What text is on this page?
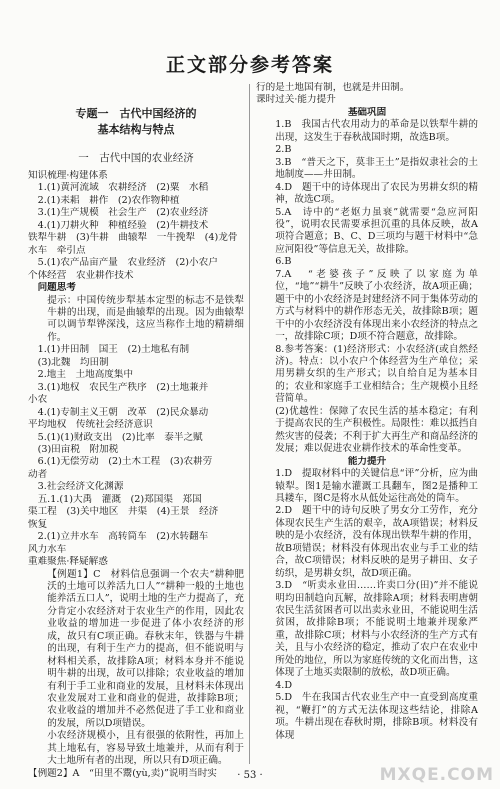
正文部分参考答案
专题一　古代中国经济的
基本结构与特点
一　古代中国的农业经济
知识梳理·构建体系
1.(1)黄河流域　农耕经济　(2)粟　水稻
2.(1)耒耜　耕作　(2)农作物种植
3.(1)生产规模　社会生产　(2)农业经济
4.(1)刀耕火种　种植经验　(2)牛耕技术
铁犁牛耕　(3)牛耕　曲辕犁　一牛挽犁　(4)龙骨
水车　牵引点
5.(1)农产品亩产量　农业经济　(2)小农户
个体经营　农业耕作技术
问题思考
提示：中国传统步犁基本定型的标志不是铁犁牛耕的出现，而是曲辕犁的出现。因为曲辕犁可以调节犁铧深浅，这应当称作土地的精耕细作。
1.(1)井田制　国王　(2)土地私有制
(3)北魏　均田制
2.地主　土地高度集中
3.(1)地权　农民生产秩序　(2)土地兼并
小农
4.(1)专制主义王朝　改革　(2)民众暴动
平均地权　传统社会经济意识
5.(1)(1)财政支出　(2)比率　泰半之赋
(3)田亩税　附加税
6.(1)无偿劳动　(2)土木工程　(3)农耕劳
动者
3.社会经济文化渊源
五.1.(1)大禹　灌溉　(2)郑国渠　郑国
渠工程　(3)关中地区　井渠　(4)王景　经济
恢复
2.(1)立井水车　高转筒车　(2)水转翻车
风力水车
重难聚焦·释疑解惑
【例题1】C　材料信息强调一个农夫“耕种肥沃的土地可以养活九口人”“耕种一般的土地也能养活五口人”，说明土地的生产力提高了，充分肯定小农经济对于农业生产的作用，因此农业收益的增加进一步促进了体小农经济的形成，故只有C项正确。春秋末年，铁器与牛耕的出现，有利于生产力的提高，但不能说明与材料相关系，故排除A项；材料本身并不能说明牛耕的出现，故可以排除；农业收益的增加有利于手工业和商业的发展，且材料未体现出农业发展对工业和商业的促进，故排除B项；农业收益的增加并不必然促进了手工业和商业的发展，所以D项错误。
小农经济规模小，且有很强的依附性，再加上其上地私有，容易导致土地兼并，从而有利于大土地所有者的出现，所以只有D项正确。
【例题2】A　“田里不鬻(yù,卖)”说明当时实
行的是土地国有制，也就是井田制。
课时过关·能力提升
基础巩固
1.B　我国古代农用动力的革命是以铁犁牛耕的出现，这发生于春秋战国时期，故选B项。
2.B
3.B　“普天之下，莫非王土”是指奴隶社会的土地制度——井田制。
4.D　题干中的诗体现出了农民为男耕女织的精神，故选C项。
5.A　诗中的“老妪力虽衰”就需要“急应河阳役”，说明农民需要承担沉重的具体反映，故A项符合题意；B、C、D三项均与题干材料中“急应河阳役”等信息无关，故排除。
6.B
7.A　“老婆孩子”反映了以家庭为单位，“地”“耕牛”反映了小农经济，故A项正确；题干中的小农经济是封建经济不同于集体劳动的方式与材料中的耕作形态无关，故排除B项；题干中的小农经济没有体现出来小农经济的特点之一，故排除C项；D项不符合题意，故排除。
8.参考答案：(1)经济形式：小农经济(或自然经济)。特点：以小农户个体经营为生产单位；采用男耕女织的生产形式；以自给自足为基本目的；农业和家庭手工业相结合；生产规模小且经营简单。
(2)优越性：保障了农民生活的基本稳定；有利于提高农民的生产积极性。局限性：难以抵挡自然灾害的侵袭；不利于扩大再生产和商品经济的发展；难以促进农业耕作技术的革命性变革。
能力提升
1.D　提取材料中的关键信息“评”分析，应为曲辕犁。图1是输水灌溉工具翻车，图2是播种工具耧车，图C是将水从低处运往高处的筒车。
2.D　题干中的诗句反映了男女分工劳作，充分体现农民生产生活的艰辛，故A项错误；材料反映的是小农经济，没有体现出铁犁牛耕的作用，故B项错误；材料没有体现出农业与手工业的结合，故C项错误；材料反映的是男子耕田、女子纺织，是男耕女织，故D项正确。
3.D　“听卖永业田……许卖口分(田)”并不能说明均田制趋向瓦解，故排除A项；材料表明唐朝农民生活贫困者可以出卖永业田，不能说明生活贫困，故排除B项；不能说明土地兼并现象严重，故排除C项；材料与小农经济的生产方式有关，且与小农经济的稳定，推动了农户在农业中所处的地位，所以为家庭传统的文化而出售，这体现了土地买卖限制的放松，故D项正确。
4.D
5.D　牛在我国古代农业生产中一直受到高度重视，“鞭打”的方式无法体现这些结论，排除A项。牛耕出现在春秋时期，排除B项。材料没有体现
· 53 ·	MXQE.COM
